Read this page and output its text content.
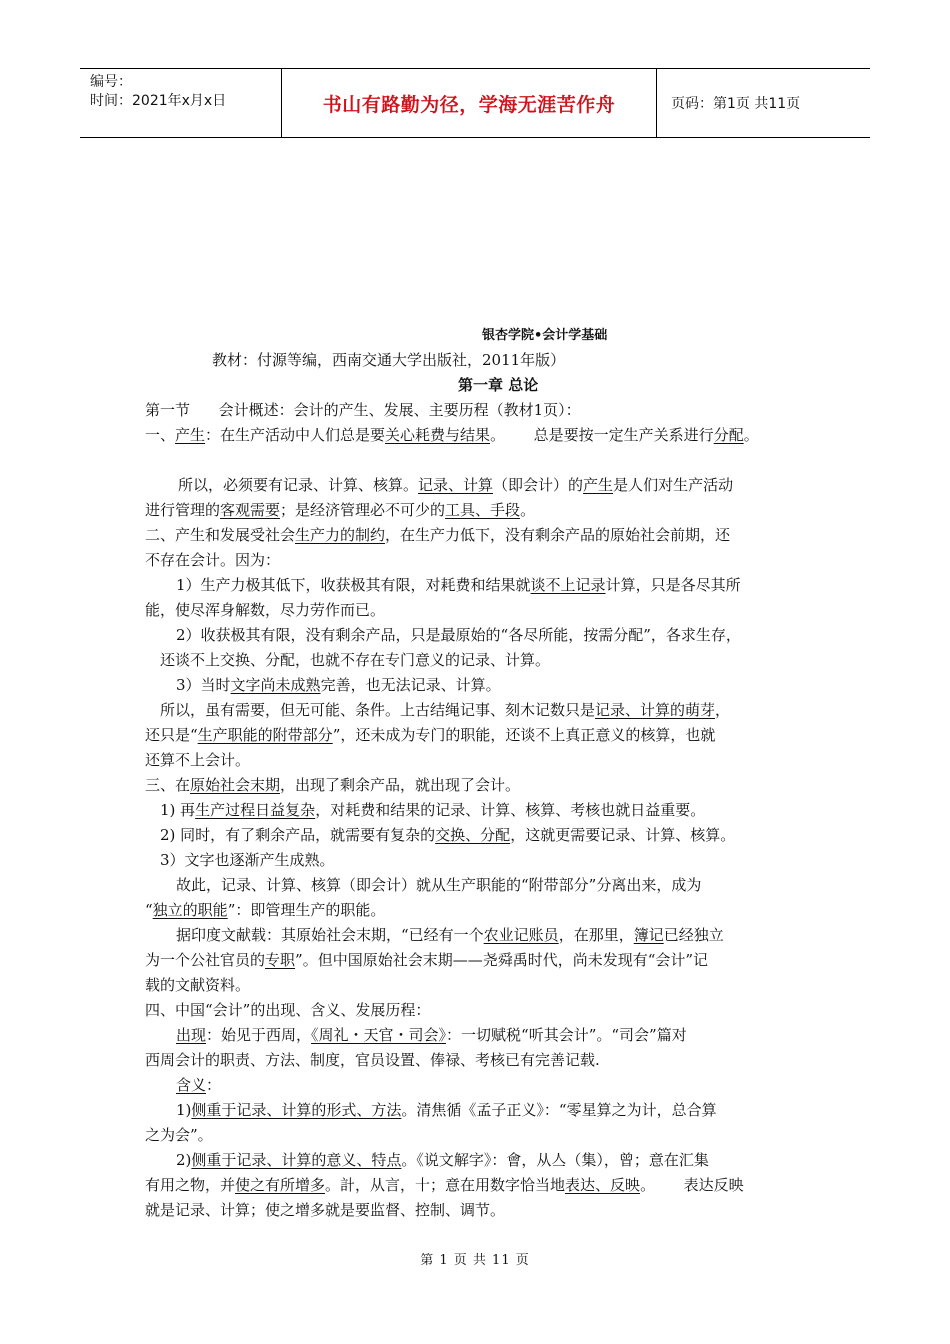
编号：
时间：2021年x月x日	书山有路勤为径，学海无涯苦作舟	页码：第1页 共11页
银杏学院•会计学基础
教材：付源等编，西南交通大学出版社，2011年版）
第一章 总论
第一节      会计概述：会计的产生、发展、主要历程（教材1页）：
一、产生：在生产活动中人们总是要关心耗费与结果。      总是要按一定生产关系进行分配。
所以，必须要有记录、计算、核算。记录、计算（即会计）的产生是人们对生产活动
进行管理的客观需要；是经济管理必不可少的工具、手段。
二、产生和发展受社会生产力的制约，在生产力低下，没有剩余产品的原始社会前期，还
不存在会计。因为：
1）生产力极其低下，收获极其有限，对耗费和结果就谈不上记录计算，只是各尽其所
能，使尽浑身解数，尽力劳作而已。
2）收获极其有限，没有剩余产品，只是最原始的“各尽所能，按需分配”，各求生存，
还谈不上交换、分配，也就不存在专门意义的记录、计算。
3）当时文字尚未成熟完善，也无法记录、计算。
所以，虽有需要，但无可能、条件。上古结绳记事、刻木记数只是记录、计算的萌芽，
还只是“生产职能的附带部分”，还未成为专门的职能，还谈不上真正意义的核算，也就
还算不上会计。
三、在原始社会末期，出现了剩余产品，就出现了会计。
1) 再生产过程日益复杂，对耗费和结果的记录、计算、核算、考核也就日益重要。
2) 同时，有了剩余产品，就需要有复杂的交换、分配，这就更需要记录、计算、核算。
3）文字也逐渐产生成熟。
故此，记录、计算、核算（即会计）就从生产职能的“附带部分”分离出来，成为
“独立的职能”：即管理生产的职能。
据印度文献载：其原始社会末期，“已经有一个农业记账员，在那里，簿记已经独立
为一个公社官员的专职”。但中国原始社会末期——尧舜禹时代，尚未发现有“会计”记
载的文献资料。
四、中国“会计”的出现、含义、发展历程：
出现：始见于西周，《周礼・天官・司会》：一切赋税“听其会计”。“司会”篇对
西周会计的职责、方法、制度，官员设置、俸禄、考核已有完善记载.
含义：
1)侧重于记录、计算的形式、方法。清焦循《孟子正义》：“零星算之为计，总合算
之为会”。
2)侧重于记录、计算的意义、特点。《说文解字》：會，从亼（集），曾；意在汇集
有用之物，并使之有所增多。計，从言，十；意在用数字恰当地表达、反映。      表达反映
就是记录、计算；使之增多就是要监督、控制、调节。
第 1 页 共 11 页
